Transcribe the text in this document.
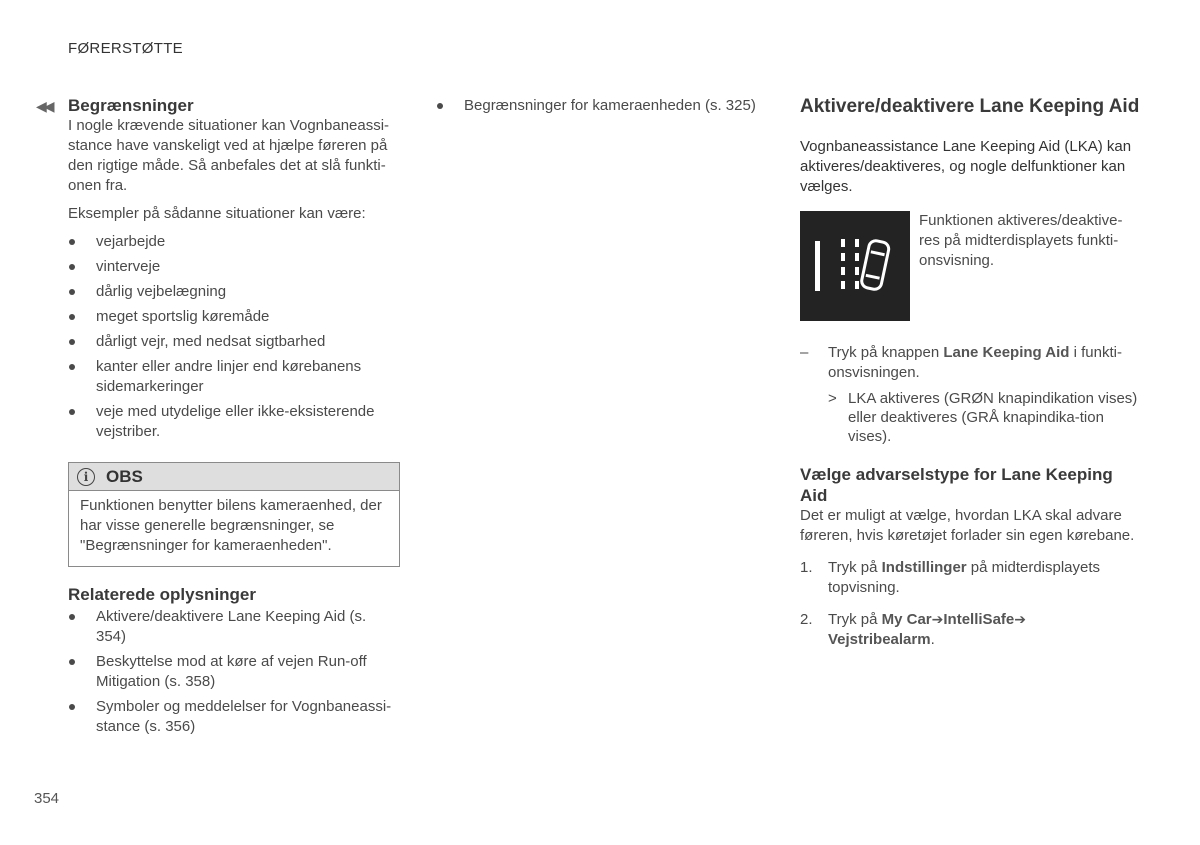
FØRERSTØTTE
◀◀ Begrænsninger

I nogle krævende situationer kan Vognbaneassi-stance have vanskeligt ved at hjælpe føreren på den rigtige måde. Så anbefales det at slå funkti-onen fra.

Eksempler på sådanne situationer kan være:

vejarbejde
vinterveje
dårlig vejbelægning
meget sportslig køremåde
dårligt vejr, med nedsat sigtbarhed
kanter eller andre linjer end kørebanens sidemarkeringer
veje med utydelige eller ikke-eksisterende vejstriber.
i	OBS
Funktionen benytter bilens kameraenhed, der har visse generelle begrænsninger, se "Begrænsninger for kameraenheden".
Relaterede oplysninger
Aktivere/deaktivere Lane Keeping Aid (s. 354)
Beskyttelse mod at køre af vejen Run-off Mitigation (s. 358)
Symboler og meddelelser for Vognbaneassi-stance (s. 356)
Begrænsninger for kameraenheden (s. 325)	Aktivere/deaktivere Lane Keeping Aid

Vognbaneassistance Lane Keeping Aid (LKA) kan aktiveres/deaktiveres, og nogle delfunktioner kan vælges.

Funktionen aktiveres/deaktive-res på midterdisplayets funkti-onsvisning.
– Tryk på knappen Lane Keeping Aid i funkti-onsvisningen.
> LKA aktiveres (GRØN knapindikation vises) eller deaktiveres (GRÅ knapindika-tion vises).
Vælge advarselstype for Lane Keeping Aid

Det er muligt at vælge, hvordan LKA skal advare føreren, hvis køretøjet forlader sin egen kørebane.

1. Tryk på Indstillinger på midterdisplayets topvisning.
2. Tryk på My Car➔IntelliSafe➔
Vejstribealarm.
354
